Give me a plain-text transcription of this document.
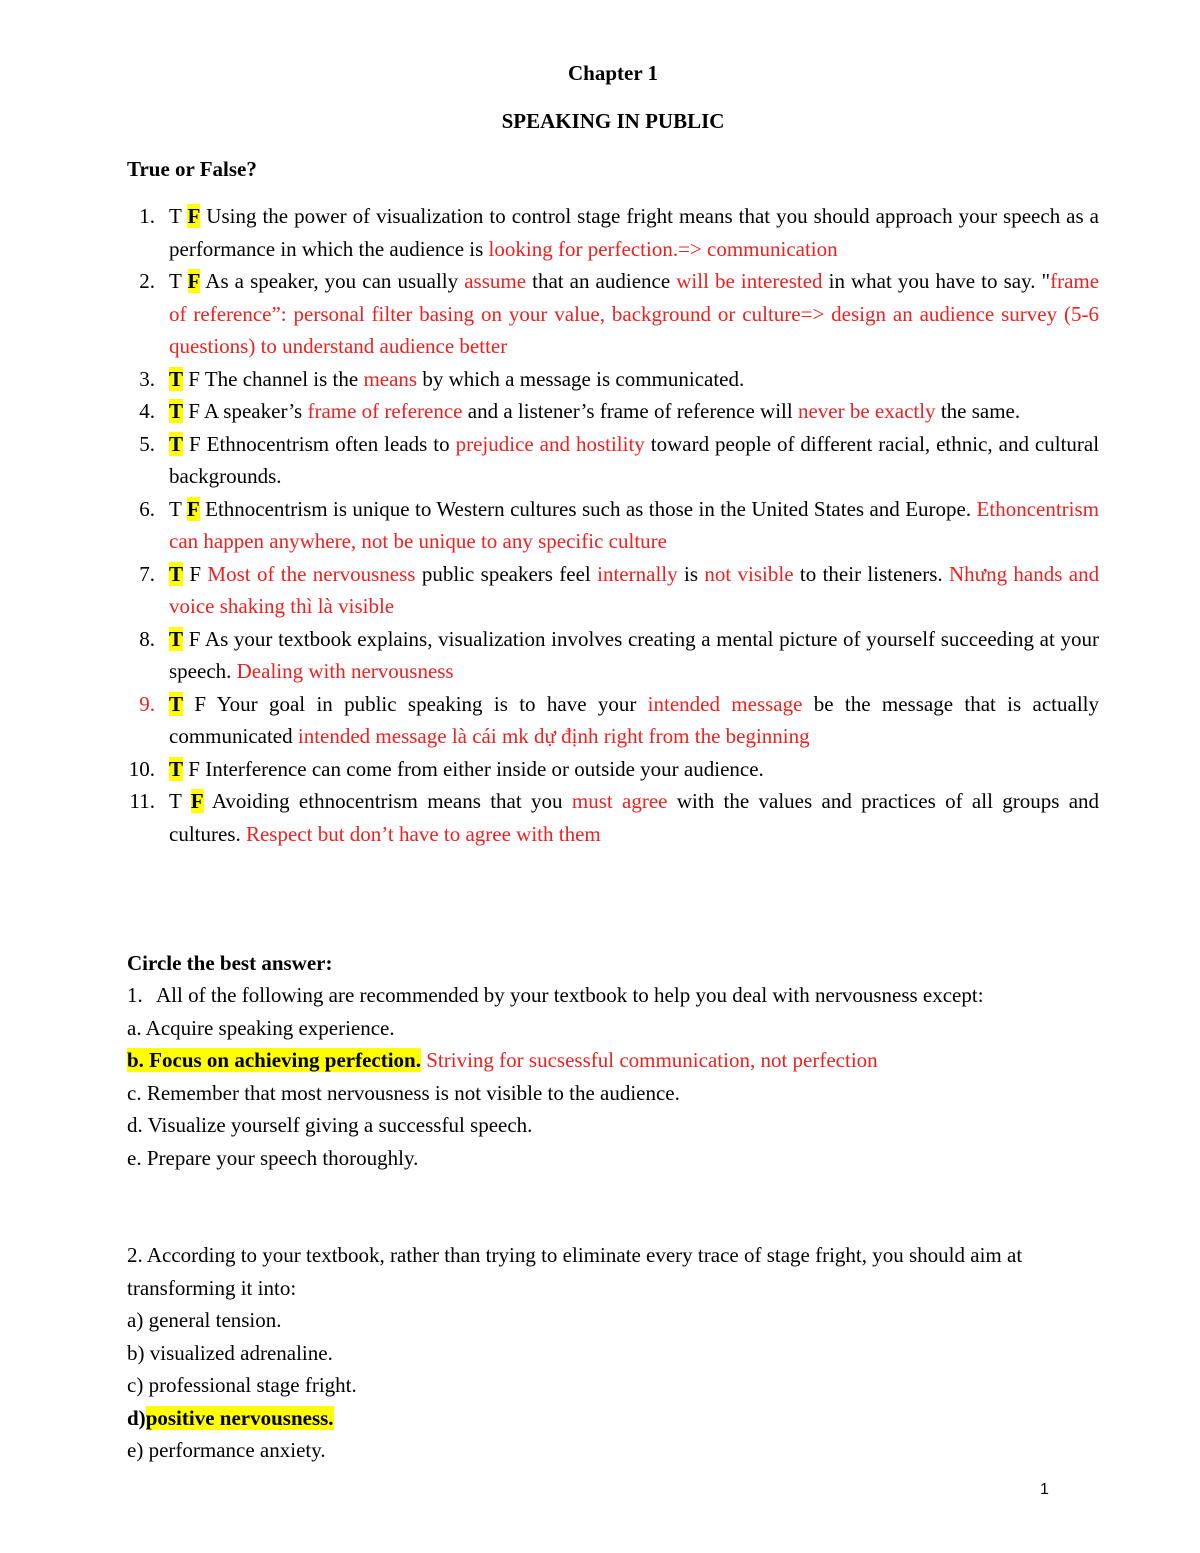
Chapter 1
SPEAKING IN PUBLIC
True or False?
1. T F Using the power of visualization to control stage fright means that you should approach your speech as a performance in which the audience is looking for perfection.=> communication
2. T F As a speaker, you can usually assume that an audience will be interested in what you have to say. "frame of reference”: personal filter basing on your value, background or culture=> design an audience survey (5-6 questions) to understand audience better
3. T F The channel is the means by which a message is communicated.
4. T F A speaker’s frame of reference and a listener’s frame of reference will never be exactly the same.
5. T F Ethnocentrism often leads to prejudice and hostility toward people of different racial, ethnic, and cultural backgrounds.
6. T F Ethnocentrism is unique to Western cultures such as those in the United States and Europe. Ethoncentrism can happen anywhere, not be unique to any specific culture
7. T F Most of the nervousness public speakers feel internally is not visible to their listeners. Nhưng hands and voice shaking thì là visible
8. T F As your textbook explains, visualization involves creating a mental picture of yourself succeeding at your speech. Dealing with nervousness
9. T F Your goal in public speaking is to have your intended message be the message that is actually communicated intended message là cái mk dự định right from the beginning
10. T F Interference can come from either inside or outside your audience.
11. T F Avoiding ethnocentrism means that you must agree with the values and practices of all groups and cultures. Respect but don’t have to agree with them
Circle the best answer:
1. All of the following are recommended by your textbook to help you deal with nervousness except:
a. Acquire speaking experience.
b. Focus on achieving perfection. Striving for sucsessful communication, not perfection
c. Remember that most nervousness is not visible to the audience.
d. Visualize yourself giving a successful speech.
e. Prepare your speech thoroughly.
2. According to your textbook, rather than trying to eliminate every trace of stage fright, you should aim at transforming it into:
a) general tension.
b) visualized adrenaline.
c) professional stage fright.
d)positive nervousness.
e) performance anxiety.
1
